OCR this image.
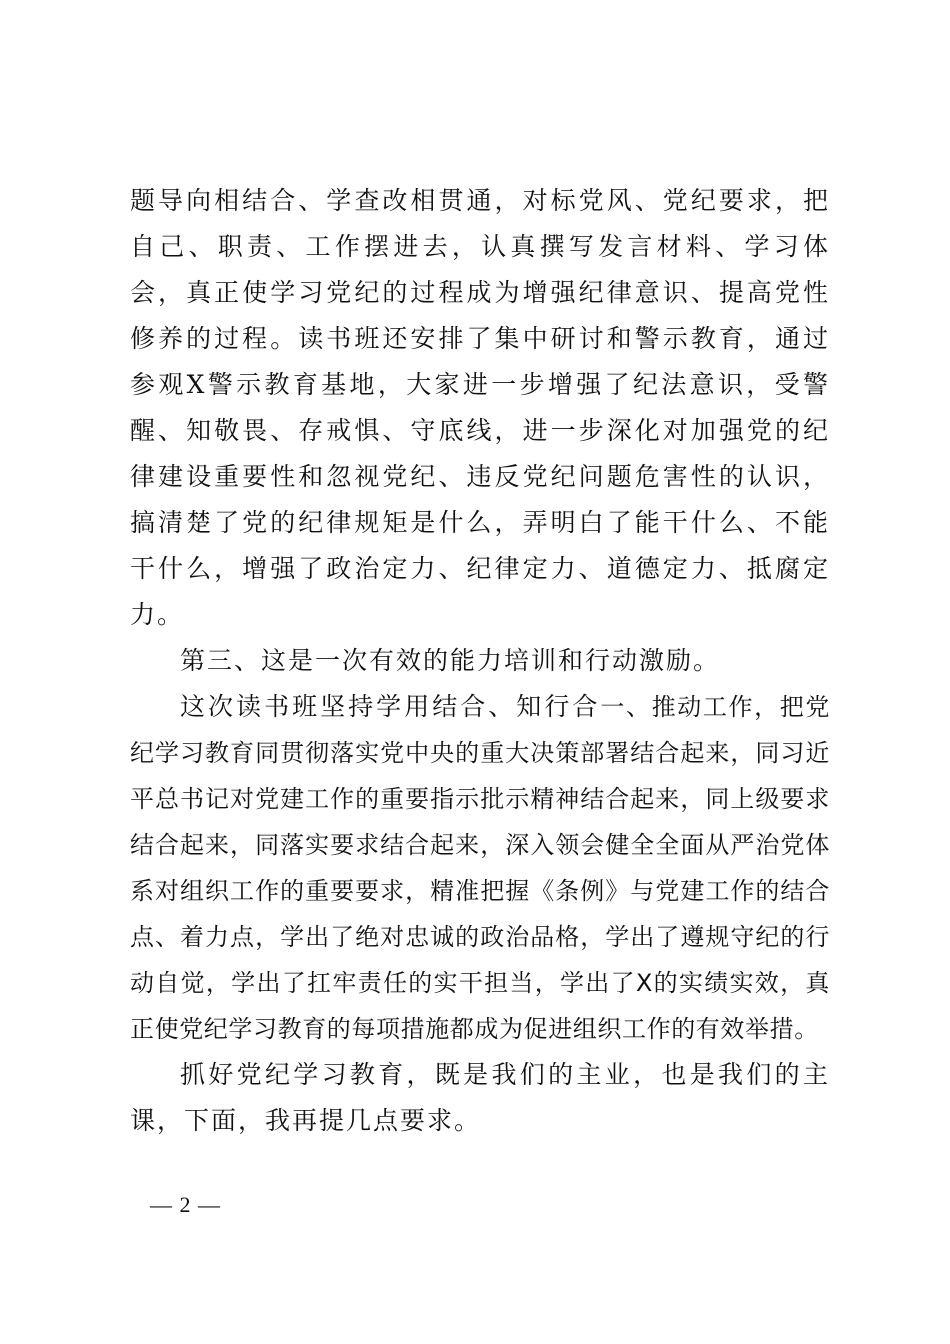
题导向相结合、学查改相贯通，对标党风、党纪要求，把自己、职责、工作摆进去，认真撰写发言材料、学习体会，真正使学习党纪的过程成为增强纪律意识、提高党性修养的过程。读书班还安排了集中研讨和警示教育，通过参观X警示教育基地，大家进一步增强了纪法意识，受警醒、知敬畏、存戒惧、守底线，进一步深化对加强党的纪律建设重要性和忽视党纪、违反党纪问题危害性的认识，搞清楚了党的纪律规矩是什么，弄明白了能干什么、不能干什么，增强了政治定力、纪律定力、道德定力、抵腐定力。

第三、这是一次有效的能力培训和行动激励。

这次读书班坚持学用结合、知行合一、推动工作，把党纪学习教育同贯彻落实党中央的重大决策部署结合起来，同习近平总书记对党建工作的重要指示批示精神结合起来，同上级要求结合起来，同落实要求结合起来，深入领会健全全面从严治党体系对组织工作的重要要求，精准把握《条例》与党建工作的结合点、着力点，学出了绝对忠诚的政治品格，学出了遵规守纪的行动自觉，学出了扛牢责任的实干担当，学出了X的实绩实效，真正使党纪学习教育的每项措施都成为促进组织工作的有效举措。

抓好党纪学习教育，既是我们的主业，也是我们的主课，下面，我再提几点要求。

— 2 —
